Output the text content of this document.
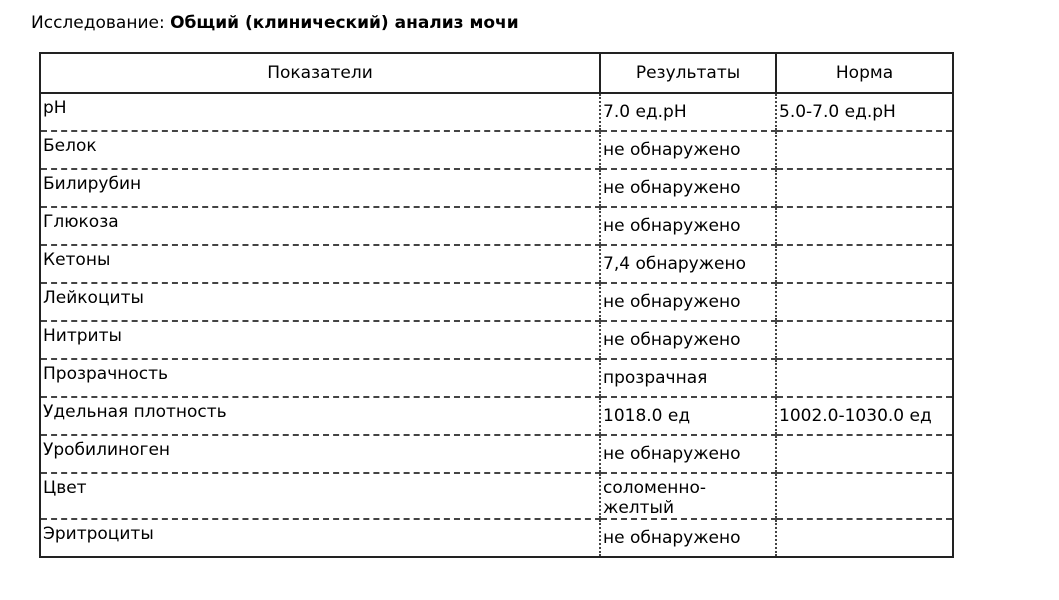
Исследование: Общий (клинический) анализ мочи
Показатели	Результаты	Норма
pH	7.0 ед.pH	5.0-7.0 ед.pH
Белок	не обнаружено	
Билирубин	не обнаружено	
Глюкоза	не обнаружено	
Кетоны	7,4 обнаружено	
Лейкоциты	не обнаружено	
Нитриты	не обнаружено	
Прозрачность	прозрачная	
Удельная плотность	1018.0 ед	1002.0-1030.0 ед
Уробилиноген	не обнаружено	
Цвет	соломенно-желтый	
Эритроциты	не обнаружено	
